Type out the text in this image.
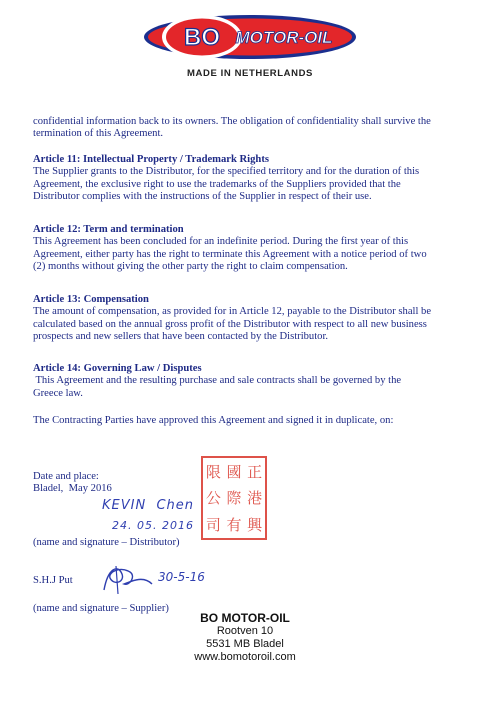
BO MOTOR-OIL
MADE IN NETHERLANDS
confidential information back to its owners. The obligation of confidentiality shall survive the
termination of this Agreement.
Article 11: Intellectual Property / Trademark Rights
The Supplier grants to the Distributor, for the specified territory and for the duration of this
Agreement, the exclusive right to use the trademarks of the Suppliers provided that the
Distributor complies with the instructions of the Supplier in respect of their use.
Article 12: Term and termination
This Agreement has been concluded for an indefinite period. During the first year of this
Agreement, either party has the right to terminate this Agreement with a notice period of two
(2) months without giving the other party the right to claim compensation.
Article 13: Compensation
The amount of compensation, as provided for in Article 12, payable to the Distributor shall be
calculated based on the annual gross profit of the Distributor with respect to all new business
prospects and new sellers that have been contacted by the Distributor.
Article 14: Governing Law / Disputes
This Agreement and the resulting purchase and sale contracts shall be governed by the
Greece law.
The Contracting Parties have approved this Agreement and signed it in duplicate, on:
Date and place:
Bladel,  May 2016
KEVIN  Chen
24. 05. 2016
限 國 正
公 際 港
司 有 興
(name and signature – Distributor)
S.H.J Put	30-5-16
(name and signature – Supplier)
BO MOTOR-OIL
Rootven 10
5531 MB Bladel
www.bomotoroil.com
